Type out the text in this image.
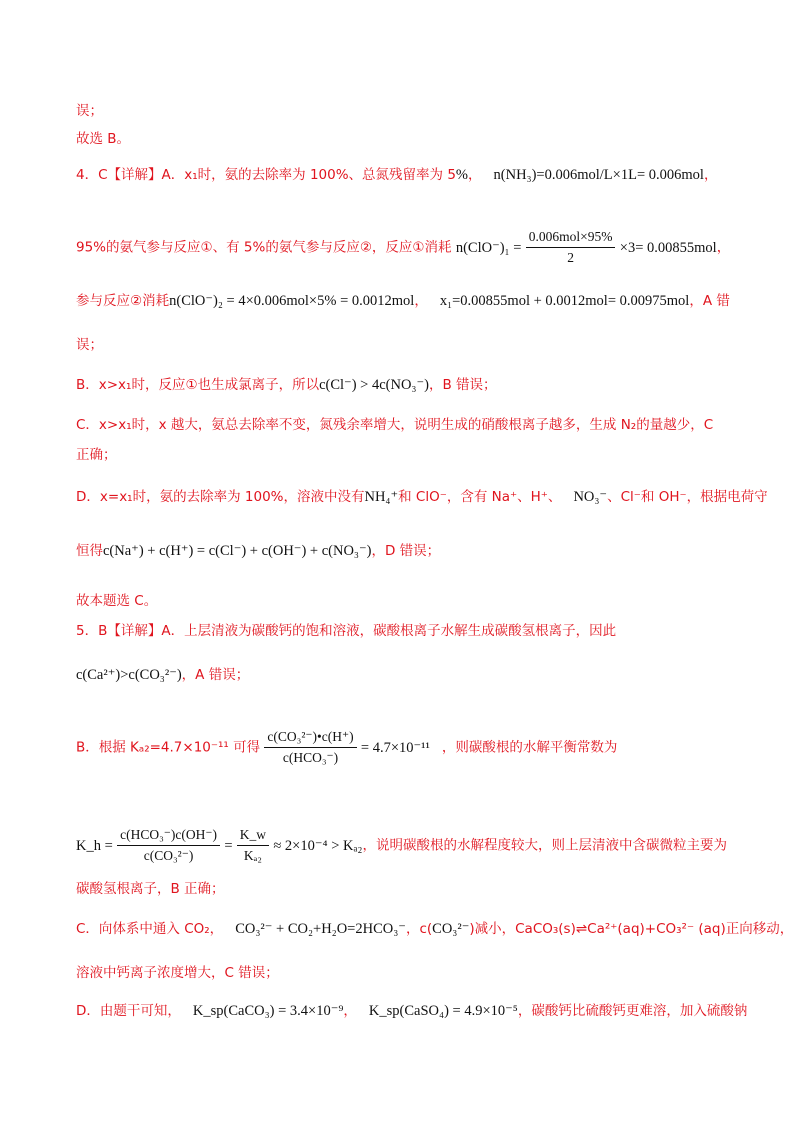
误；
故选 B。
4．C【详解】A．x₁时，氨的去除率为 100%、总氮残留率为 5%， n(NH₃)=0.006mol/L×1L= 0.006mol，
95%的氨气参与反应①、有 5%的氨气参与反应②，反应①消耗 $n(ClO^-)_1 = \frac{\text{0.006mol×95\%}}{2} \times 3= 0.00855mol$，
参与反应②消耗n(ClO⁻)₂ = 4×0.006mol×5% = 0.0012mol， x₁=0.00855mol + 0.0012mol= 0.00975mol，A 错
误；
B．x>x₁时，反应①也生成氯离子，所以c(Cl⁻) > 4c(NO₃⁻)，B 错误；
C．x>x₁时，x 越大，氨总去除率不变，氮残余率增大，说明生成的硝酸根离子越多，生成 N₂的量越少，C
正确；
D．x=x₁时，氨的去除率为 100%，溶液中没有NH₄⁺和 ClO⁻，含有 Na⁺、H⁺、 NO₃⁻、Cl⁻和 OH⁻，根据电荷守
恒得c(Na⁺) + c(H⁺) = c(Cl⁻) + c(OH⁻) + c(NO₃⁻)，D 错误；
故本题选 C。
5．B【详解】A．上层清液为碳酸钙的饱和溶液，碳酸根离子水解生成碳酸氢根离子，因此
c(Ca²⁺)>c(CO₃²⁻)，A 错误；
B．根据 Kₐ₂=4.7×10⁻¹¹ 可得 $\frac{\text{c(CO₃²⁻)•c(H⁺)}}{\text{c(HCO₃⁻)}} = 4.7\times 10^{-11}$ ，则碳酸根的水解平衡常数为
K_h = $\frac{\text{c(HCO₃⁻)c(OH⁻)}}{\text{c(CO₃²⁻)}} = \frac{K\_w}{\text{Kₐ₂}} \approx 2\times 10^{-4} > K_{a2}$，说明碳酸根的水解程度较大，则上层清液中含碳微粒主要为
碳酸氢根离子，B 正确；
C．向体系中通入 CO₂， CO₃²⁻ + CO₂+H₂O=2HCO₃⁻，c(CO₃²⁻)减小，CaCO₃(s)⇌Ca²⁺(aq)+CO₃²⁻ (aq)正向移动，
溶液中钙离子浓度增大，C 错误；
D．由题干可知， K_sp(CaCO₃) = 3.4×10⁻⁹， K_sp(CaSO₄) = 4.9×10⁻⁵，碳酸钙比硫酸钙更难溶，加入硫酸钠
